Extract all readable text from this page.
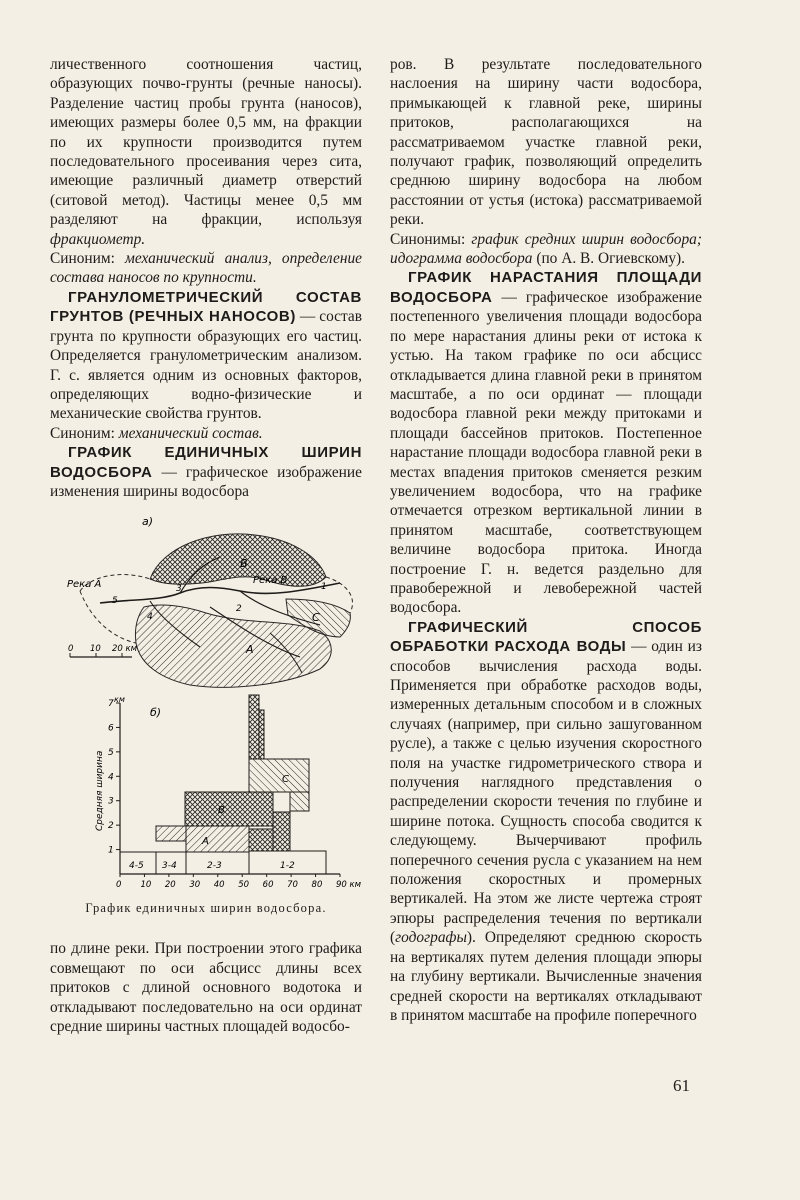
личественного соотношения частиц, образующих почво-грунты (речные наносы). Разделение частиц пробы грунта (наносов), имеющих размеры более 0,5 мм, на фракции по их крупности производится путем последовательного просеивания через сита, имеющие различный диаметр отверстий (ситовой метод). Частицы менее 0,5 мм разделяют на фракции, используя фракциометр.

Синоним: механический анализ, определение состава наносов по крупности.

ГРАНУЛОМЕТРИЧЕСКИЙ СОСТАВ ГРУНТОВ (РЕЧНЫХ НАНОСОВ) — состав грунта по крупности образующих его частиц. Определяется гранулометрическим анализом. Г. с. является одним из основных факторов, определяющих водно-физические и механические свойства грунтов.

Синоним: механический состав.

ГРАФИК ЕДИНИЧНЫХ ШИРИН ВОДОСБОРА — графическое изображение изменения ширины водосбора

а)
Река А	Река В
В
С
А
1
2
3
4
5
0 10 20 км
б)
км
Средняя ширина	В
С
А
4-5 3-4	2-3	1-2
1
2
3
4
5
6
7
0 10 20 30 40 50 60 70 80 90 км
График единичных ширин водосбора.

по длине реки. При построении этого графика совмещают по оси абсцисс длины всех притоков с длиной основного водотока и откладывают последовательно на оси ординат средние ширины частных площадей водосбо-

ров. В результате последовательного наслоения на ширину части водосбора, примыкающей к главной реке, ширины притоков, располагающихся на рассматриваемом участке главной реки, получают график, позволяющий определить среднюю ширину водосбора на любом расстоянии от устья (истока) рассматриваемой реки.

Синонимы: график средних ширин водосбора; идограмма водосбора (по А. В. Огиевскому).

ГРАФИК НАРАСТАНИЯ ПЛОЩАДИ ВОДОСБОРА — графическое изображение постепенного увеличения площади водосбора по мере нарастания длины реки от истока к устью. На таком графике по оси абсцисс откладывается длина главной реки в принятом масштабе, а по оси ординат — площади водосбора главной реки между притоками и площади бассейнов притоков. Постепенное нарастание площади водосбора главной реки в местах впадения притоков сменяется резким увеличением водосбора, что на графике отмечается отрезком вертикальной линии в принятом масштабе, соответствующем величине водосбора притока. Иногда построение Г. н. ведется раздельно для правобережной и левобережной частей водосбора.

ГРАФИЧЕСКИЙ СПОСОБ ОБРАБОТКИ РАСХОДА ВОДЫ — один из способов вычисления расхода воды. Применяется при обработке расходов воды, измеренных детальным способом и в сложных случаях (например, при сильно зашугованном русле), а также с целью изучения скоростного поля на участке гидрометрического створа и получения наглядного представления о распределении скорости течения по глубине и ширине потока. Сущность способа сводится к следующему. Вычерчивают профиль поперечного сечения русла с указанием на нем положения скоростных и промерных вертикалей. На этом же листе чертежа строят эпюры распределения течения по вертикали (годографы). Определяют среднюю скорость на вертикалях путем деления площади эпюры на глубину вертикали. Вычисленные значения средней скорости на вертикалях откладывают в принятом масштабе на профиле поперечного

61
